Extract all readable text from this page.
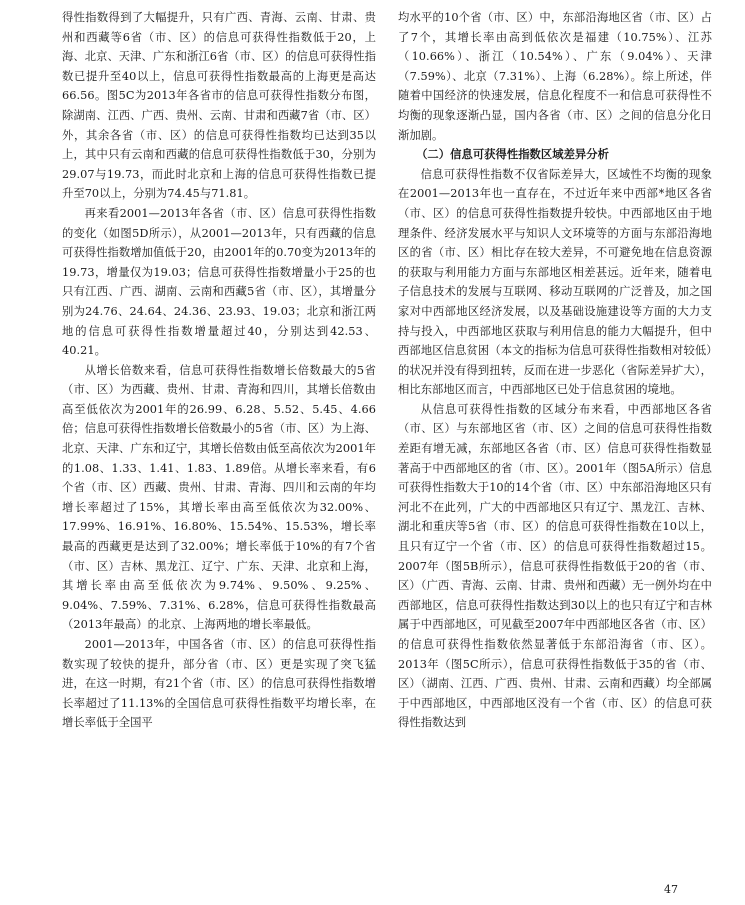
得性指数得到了大幅提升，只有广西、青海、云南、甘肃、贵州和西藏等6省（市、区）的信息可获得性指数低于20，上海、北京、天津、广东和浙江6省（市、区）的信息可获得性指数已提升至40以上，信息可获得性指数最高的上海更是高达66.56。图5C为2013年各省市的信息可获得性指数分布图，除湖南、江西、广西、贵州、云南、甘肃和西藏7省（市、区）外，其余各省（市、区）的信息可获得性指数均已达到35以上，其中只有云南和西藏的信息可获得性指数低于30，分别为29.07与19.73，而此时北京和上海的信息可获得性指数已提升至70以上，分别为74.45与71.81。

再来看2001—2013年各省（市、区）信息可获得性指数的变化（如图5D所示），从2001—2013年，只有西藏的信息可获得性指数增加值低于20，由2001年的0.70变为2013年的19.73，增量仅为19.03；信息可获得性指数增量小于25的也只有江西、广西、湖南、云南和西藏5省（市、区），其增量分别为24.76、24.64、24.36、23.93、19.03；北京和浙江两地的信息可获得性指数增量超过40，分别达到42.53、40.21。

从增长倍数来看，信息可获得性指数增长倍数最大的5省（市、区）为西藏、贵州、甘肃、青海和四川，其增长倍数由高至低依次为2001年的26.99、6.28、5.52、5.45、4.66倍；信息可获得性指数增长倍数最小的5省（市、区）为上海、北京、天津、广东和辽宁，其增长倍数由低至高依次为2001年的1.08、1.33、1.41、1.83、1.89倍。从增长率来看，有6个省（市、区）西藏、贵州、甘肃、青海、四川和云南的年均增长率超过了15%，其增长率由高至低依次为32.00%、17.99%、16.91%、16.80%、15.54%、15.53%，增长率最高的西藏更是达到了32.00%；增长率低于10%的有7个省（市、区）吉林、黑龙江、辽宁、广东、天津、北京和上海，其增长率由高至低依次为9.74%、9.50%、9.25%、9.04%、7.59%、7.31%、6.28%，信息可获得性指数最高（2013年最高）的北京、上海两地的增长率最低。

2001—2013年，中国各省（市、区）的信息可获得性指数实现了较快的提升，部分省（市、区）更是实现了突飞猛进，在这一时期，有21个省（市、区）的信息可获得性指数增长率超过了11.13%的全国信息可获得性指数平均增长率，在增长率低于全国平

均水平的10个省（市、区）中，东部沿海地区省（市、区）占了7个，其增长率由高到低依次是福建（10.75%）、江苏（10.66%）、浙江（10.54%）、广东（9.04%）、天津（7.59%）、北京（7.31%）、上海（6.28%）。综上所述，伴随着中国经济的快速发展，信息化程度不一和信息可获得性不均衡的现象逐渐凸显，国内各省（市、区）之间的信息分化日渐加剧。

（二）信息可获得性指数区域差异分析

信息可获得性指数不仅省际差异大，区域性不均衡的现象在2001—2013年也一直存在，不过近年来中西部*地区各省（市、区）的信息可获得性指数提升较快。中西部地区由于地理条件、经济发展水平与知识人文环境等的方面与东部沿海地区的省（市、区）相比存在较大差异，不可避免地在信息资源的获取与利用能力方面与东部地区相差甚远。近年来，随着电子信息技术的发展与互联网、移动互联网的广泛普及，加之国家对中西部地区经济发展，以及基础设施建设等方面的大力支持与投入，中西部地区获取与利用信息的能力大幅提升，但中西部地区信息贫困（本文的指标为信息可获得性指数相对较低）的状况并没有得到扭转，反而在进一步恶化（省际差异扩大），相比东部地区而言，中西部地区已处于信息贫困的境地。

从信息可获得性指数的区域分布来看，中西部地区各省（市、区）与东部地区省（市、区）之间的信息可获得性指数差距有增无减，东部地区各省（市、区）信息可获得性指数显著高于中西部地区的省（市、区）。2001年（图5A所示）信息可获得性指数大于10的14个省（市、区）中东部沿海地区只有河北不在此列，广大的中西部地区只有辽宁、黑龙江、吉林、湖北和重庆等5省（市、区）的信息可获得性指数在10以上，且只有辽宁一个省（市、区）的信息可获得性指数超过15。2007年（图5B所示），信息可获得性指数低于20的省（市、区）（广西、青海、云南、甘肃、贵州和西藏）无一例外均在中西部地区，信息可获得性指数达到30以上的也只有辽宁和吉林属于中西部地区，可见截至2007年中西部地区各省（市、区）的信息可获得性指数依然显著低于东部沿海省（市、区）。2013年（图5C所示），信息可获得性指数低于35的省（市、区）（湖南、江西、广西、贵州、甘肃、云南和西藏）均全部属于中西部地区，中西部地区没有一个省（市、区）的信息可获得性指数达到

47
